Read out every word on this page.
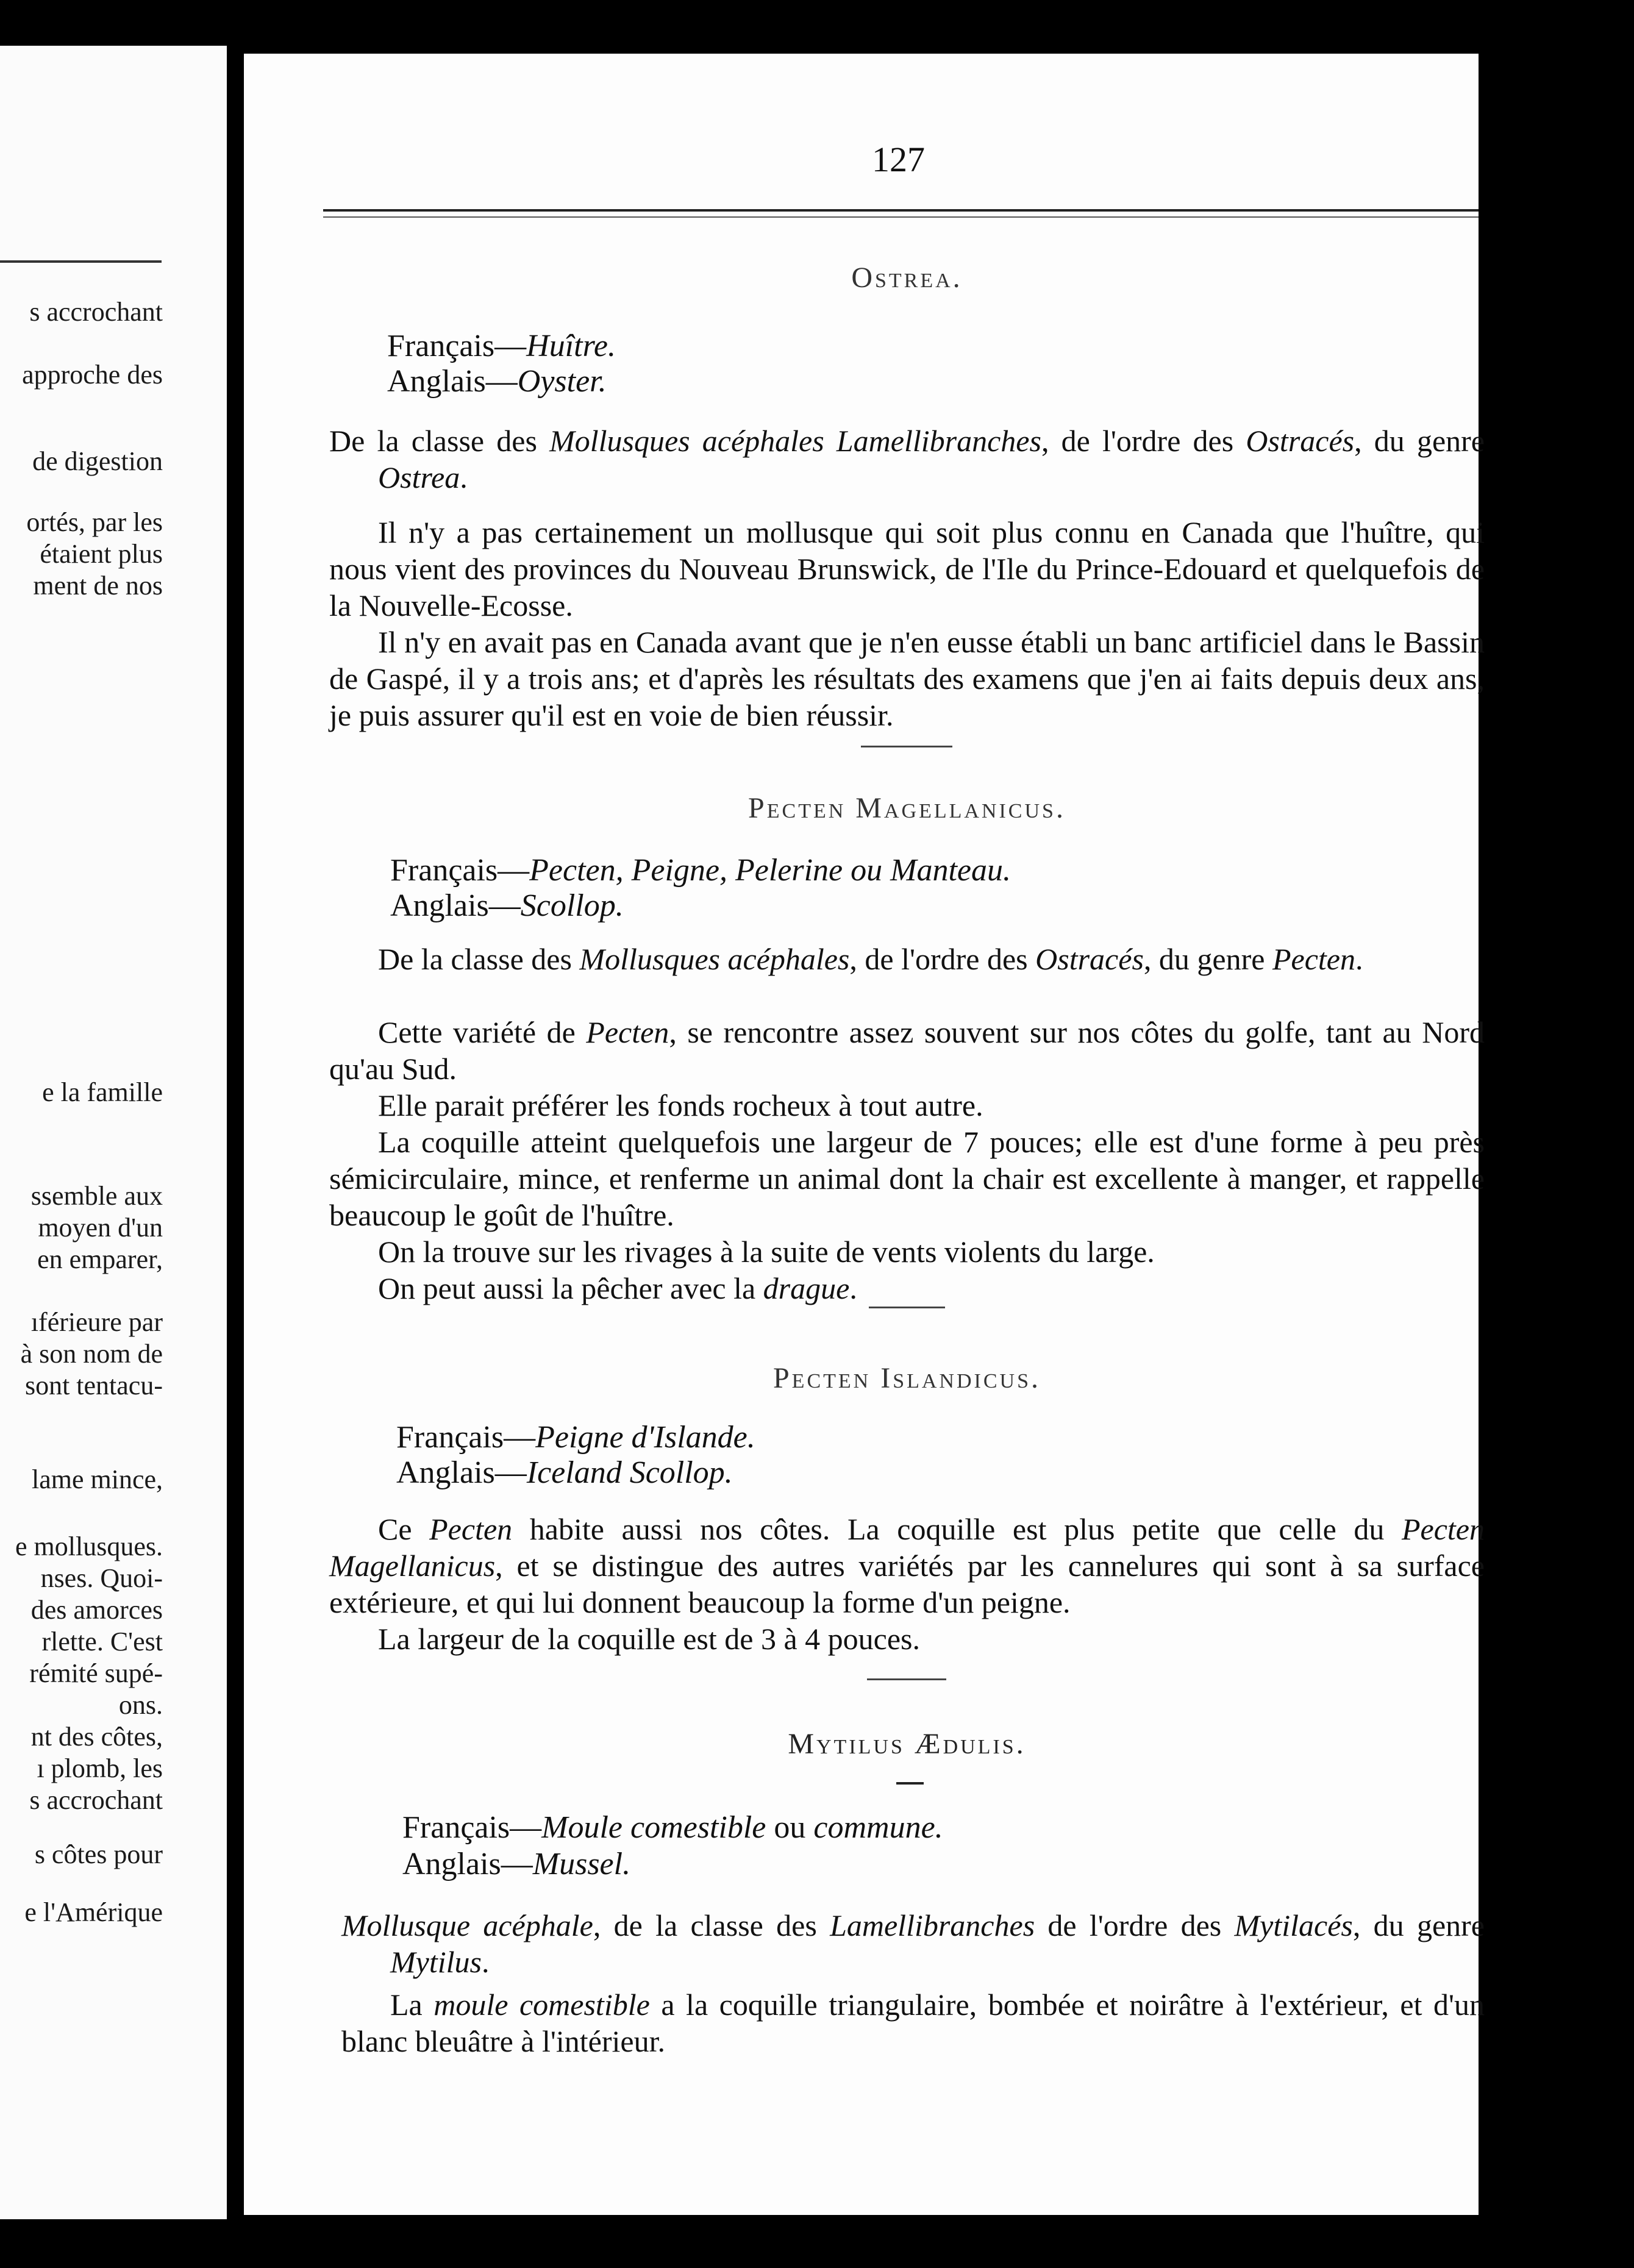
s accrochant
approche des
de digestion
ortés, par les
étaient plus
ment de nos
e la famille
ssemble aux
moyen d'un
en emparer,
ıférieure par
à son nom de
sont tentacu-
lame mince,
e mollusques.
nses. Quoi-
des amorces
rlette. C'est
rémité supé-
ons.
nt des côtes,
ı plomb, les
s accrochant
s côtes pour
e l'Amérique
127
Ostrea.
Français—Huître.
Anglais—Oyster.
De la classe des Mollusques acéphales Lamellibranches, de l'ordre des Ostracés, du genre Ostrea.
Il n'y a pas certainement un mollusque qui soit plus connu en Canada que l'huître, qui nous vient des provinces du Nouveau Brunswick, de l'Ile du Prince-Edouard et quelquefois de la Nouvelle-Ecosse.
Il n'y en avait pas en Canada avant que je n'en eusse établi un banc artificiel dans le Bassin de Gaspé, il y a trois ans; et d'après les résultats des examens que j'en ai faits depuis deux ans, je puis assurer qu'il est en voie de bien réussir.
Pecten Magellanicus.
Français—Pecten, Peigne, Pelerine ou Manteau.
Anglais—Scollop.
De la classe des Mollusques acéphales, de l'ordre des Ostracés, du genre Pecten.
Cette variété de Pecten, se rencontre assez souvent sur nos côtes du golfe, tant au Nord qu'au Sud.
Elle parait préférer les fonds rocheux à tout autre.
La coquille atteint quelquefois une largeur de 7 pouces; elle est d'une forme à peu près sémicirculaire, mince, et renferme un animal dont la chair est excellente à manger, et rappelle beaucoup le goût de l'huître.
On la trouve sur les rivages à la suite de vents violents du large.
On peut aussi la pêcher avec la drague.
Pecten Islandicus.
Français—Peigne d'Islande.
Anglais—Iceland Scollop.
Ce Pecten habite aussi nos côtes. La coquille est plus petite que celle du Pecten Magellanicus, et se distingue des autres variétés par les cannelures qui sont à sa surface extérieure, et qui lui donnent beaucoup la forme d'un peigne.
La largeur de la coquille est de 3 à 4 pouces.
Mytilus Ædulis.
Français—Moule comestible ou commune.
Anglais—Mussel.
Mollusque acéphale, de la classe des Lamellibranches de l'ordre des Mytilacés, du genre Mytilus.
La moule comestible a la coquille triangulaire, bombée et noirâtre à l'extérieur, et d'un blanc bleuâtre à l'intérieur.
